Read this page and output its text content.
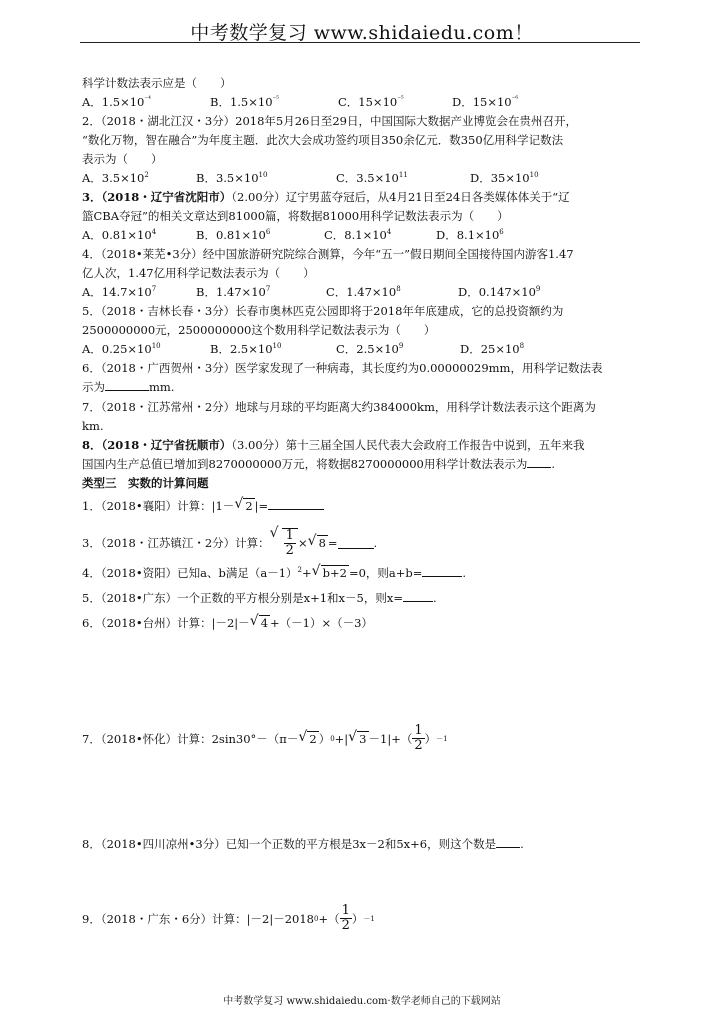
中考数学复习 www.shidaiedu.com！
科学计数法表示应是（　　）
A．$1.5\times 10^{^{-4}}$	B．$1.5\times 10^{^{-5}}$	C．$15\times 10^{^{-5}}$	D．$15\times 10^{^{-6}}$
2．（2018・湖北江汉・3分）2018年5月26日至29日，中国国际大数据产业博览会在贵州召开，
“数化万物，智在融合”为年度主题．此次大会成功签约项目350余亿元．数350亿用科学记数法
表示为（　　）
A．$3.5\times 10^2$	B．$3.5\times 10^{10}$	C．$3.5\times 10^{11}$	D．$35\times 10^{10}$
3．（2018・辽宁省沈阳市）（2.00分）辽宁男蓝夺冠后，从4月21日至24日各类媒体体关于“辽
篮CBA夺冠”的相关文章达到81000篇，将数据81000用科学记数法表示为（　　）
A．$0.81\times 10^4$	B．$0.81\times 10^6$	C．$8.1\times 10^4$	D．$8.1\times 10^6$
4．（2018•莱芜•3分）经中国旅游研究院综合测算，今年“五一”假日期间全国接待国内游客1.47
亿人次，1.47亿用科学记数法表示为（　　）
A．$14.7\times 10^7$	B．$1.47\times 10^7$	C．$1.47\times 10^8$	D．$0.147\times 10^9$
5．（2018・吉林长春・3分）长春市奥林匹克公园即将于2018年年底建成，它的总投资额约为
2500000000元，2500000000这个数用科学记数法表示为（　　）
A．$0.25\times 10^{10}$	B．$2.5\times 10^{10}$	C．$2.5\times 10^9$	D．$25\times 10^8$
6．（2018・广西贺州・3分）医学家发现了一种病毒，其长度约为0.00000029mm，用科学记数法表
示为	mm.
7．（2018・江苏常州・2分）地球与月球的平均距离大约384000km，用科学计数法表示这个距离为
km.
8．（2018・辽宁省抚顺市）（3.00分）第十三届全国人民代表大会政府工作报告中说到，五年来我
国国内生产总值已增加到8270000000万元，将数据8270000000用科学计数法表示为 .
类型三　实数的计算问题
1．（2018•襄阳）计算：|1－√ 2 |=
3．（2018・江苏镇江・2分）计算：
√ $\frac{1}{2}$ ×
√ 8 =	.
4．（2018•资阳）已知a、b满足$(a-1)^2+√$ b+2 =0，则a+b=	.
5．（2018•广东）一个正数的平方根分别是x+1和x－5，则x=	.
6．（2018•台州）计算：|－2|－√ 4 +（－1）×（－3）
7．（2018•怀化）计算：2sin30°－（π－
√ 2 ） 0 +|
√ $3 -1|+( \frac{1}{2}$ ） －1
8．（2018•四川凉州•3分）已知一个正数的平方根是3x－2和5x+6，则这个数是 .
9．（2018・广东・6分）计算：|－2|－2018 0 +（ $\frac{1}{2}$ ） －1
中考数学复习 www.shidaiedu.com·数学老师自己的下载网站
